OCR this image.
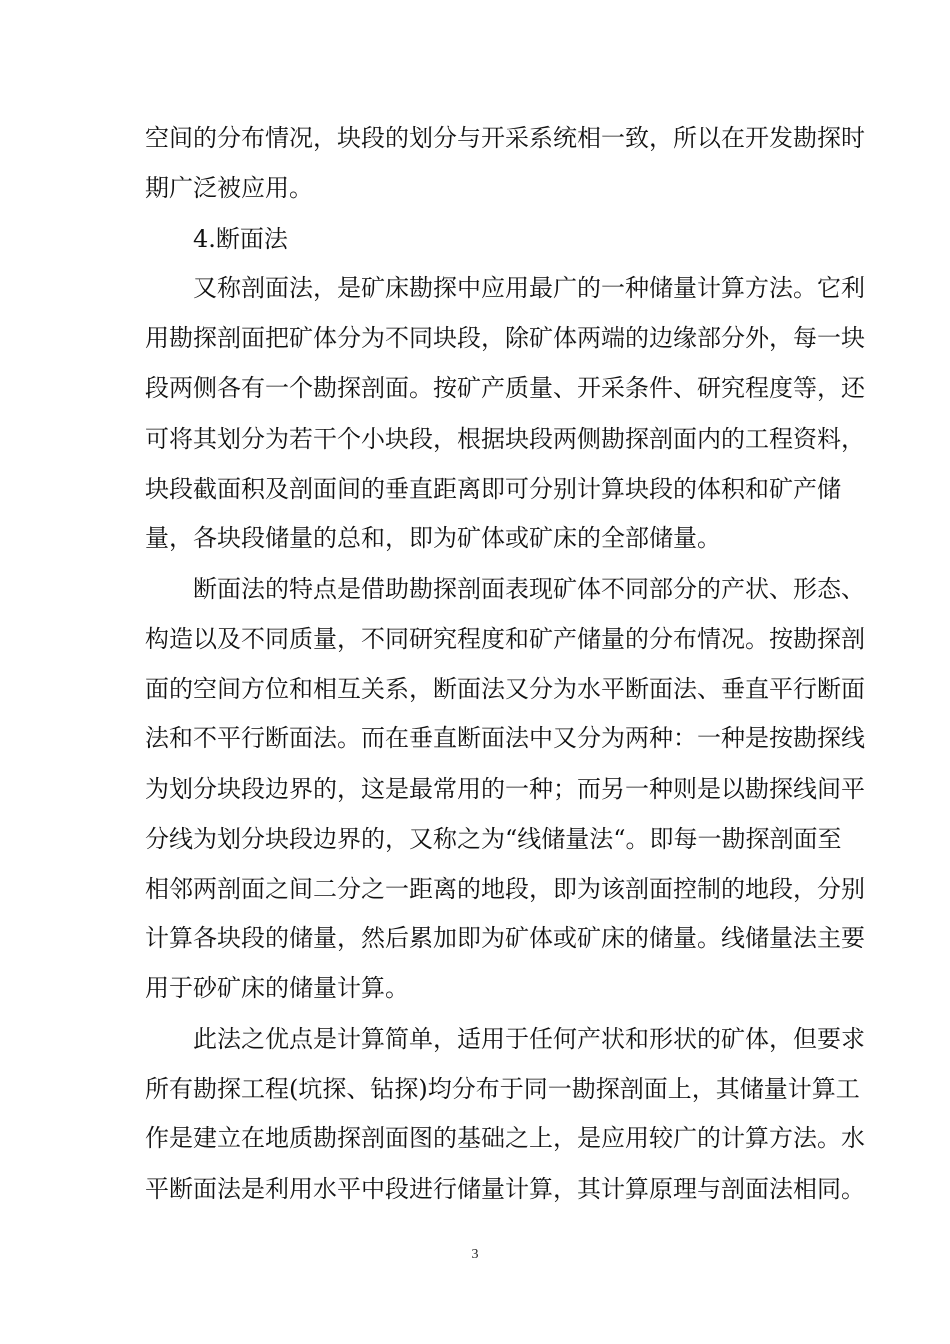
空间的分布情况，块段的划分与开采系统相一致，所以在开发勘探时
期广泛被应用。
4.断面法
又称剖面法，是矿床勘探中应用最广的一种储量计算方法。它利
用勘探剖面把矿体分为不同块段，除矿体两端的边缘部分外，每一块
段两侧各有一个勘探剖面。按矿产质量、开采条件、研究程度等，还
可将其划分为若干个小块段，根据块段两侧勘探剖面内的工程资料，
块段截面积及剖面间的垂直距离即可分别计算块段的体积和矿产储
量，各块段储量的总和，即为矿体或矿床的全部储量。
断面法的特点是借助勘探剖面表现矿体不同部分的产状、形态、
构造以及不同质量，不同研究程度和矿产储量的分布情况。按勘探剖
面的空间方位和相互关系，断面法又分为水平断面法、垂直平行断面
法和不平行断面法。而在垂直断面法中又分为两种：一种是按勘探线
为划分块段边界的，这是最常用的一种；而另一种则是以勘探线间平
分线为划分块段边界的，又称之为“线储量法“。即每一勘探剖面至
相邻两剖面之间二分之一距离的地段，即为该剖面控制的地段，分别
计算各块段的储量，然后累加即为矿体或矿床的储量。线储量法主要
用于砂矿床的储量计算。
此法之优点是计算简单，适用于任何产状和形状的矿体，但要求
所有勘探工程(坑探、钻探)均分布于同一勘探剖面上，其储量计算工
作是建立在地质勘探剖面图的基础之上，是应用较广的计算方法。水
平断面法是利用水平中段进行储量计算，其计算原理与剖面法相同。
3
